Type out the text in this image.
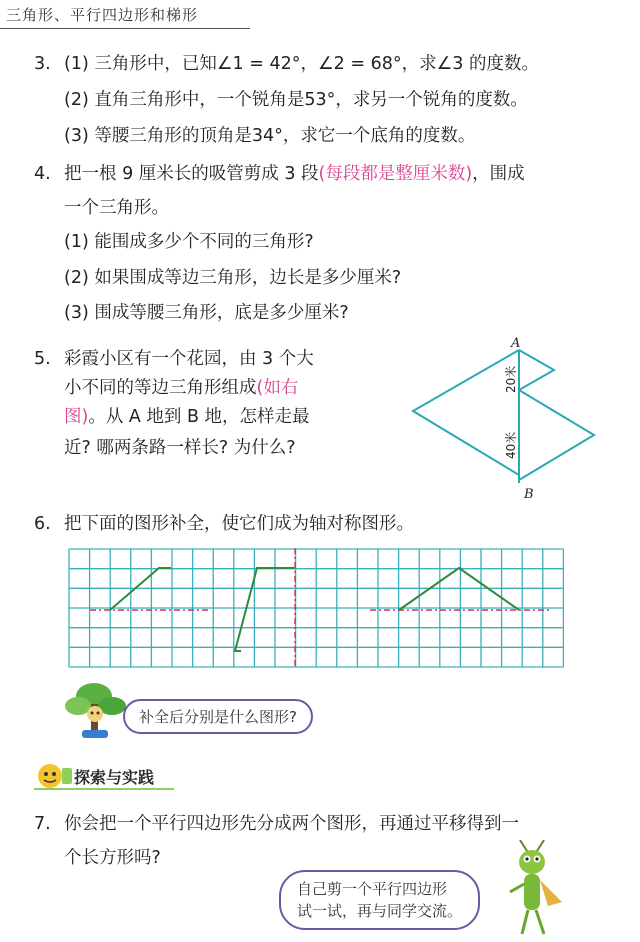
三角形、平行四边形和梯形
3. (1) 三角形中，已知∠1 = 42°，∠2 = 68°，求∠3 的度数。
(2) 直角三角形中，一个锐角是53°，求另一个锐角的度数。
(3) 等腰三角形的顶角是34°，求它一个底角的度数。
4. 把一根 9 厘米长的吸管剪成 3 段(每段都是整厘米数)，围成
一个三角形。
(1) 能围成多少个不同的三角形?
(2) 如果围成等边三角形，边长是多少厘米?
(3) 围成等腰三角形，底是多少厘米?
5. 彩霞小区有一个花园，由 3 个大
小不同的等边三角形组成(如右
图)。从 A 地到 B 地，怎样走最
近? 哪两条路一样长? 为什么?
A
B
20米
40米
6. 把下面的图形补全，使它们成为轴对称图形。
补全后分别是什么图形?
探索与实践
7. 你会把一个平行四边形先分成两个图形，再通过平移得到一
个长方形吗?
自己剪一个平行四边形
试一试，再与同学交流。
